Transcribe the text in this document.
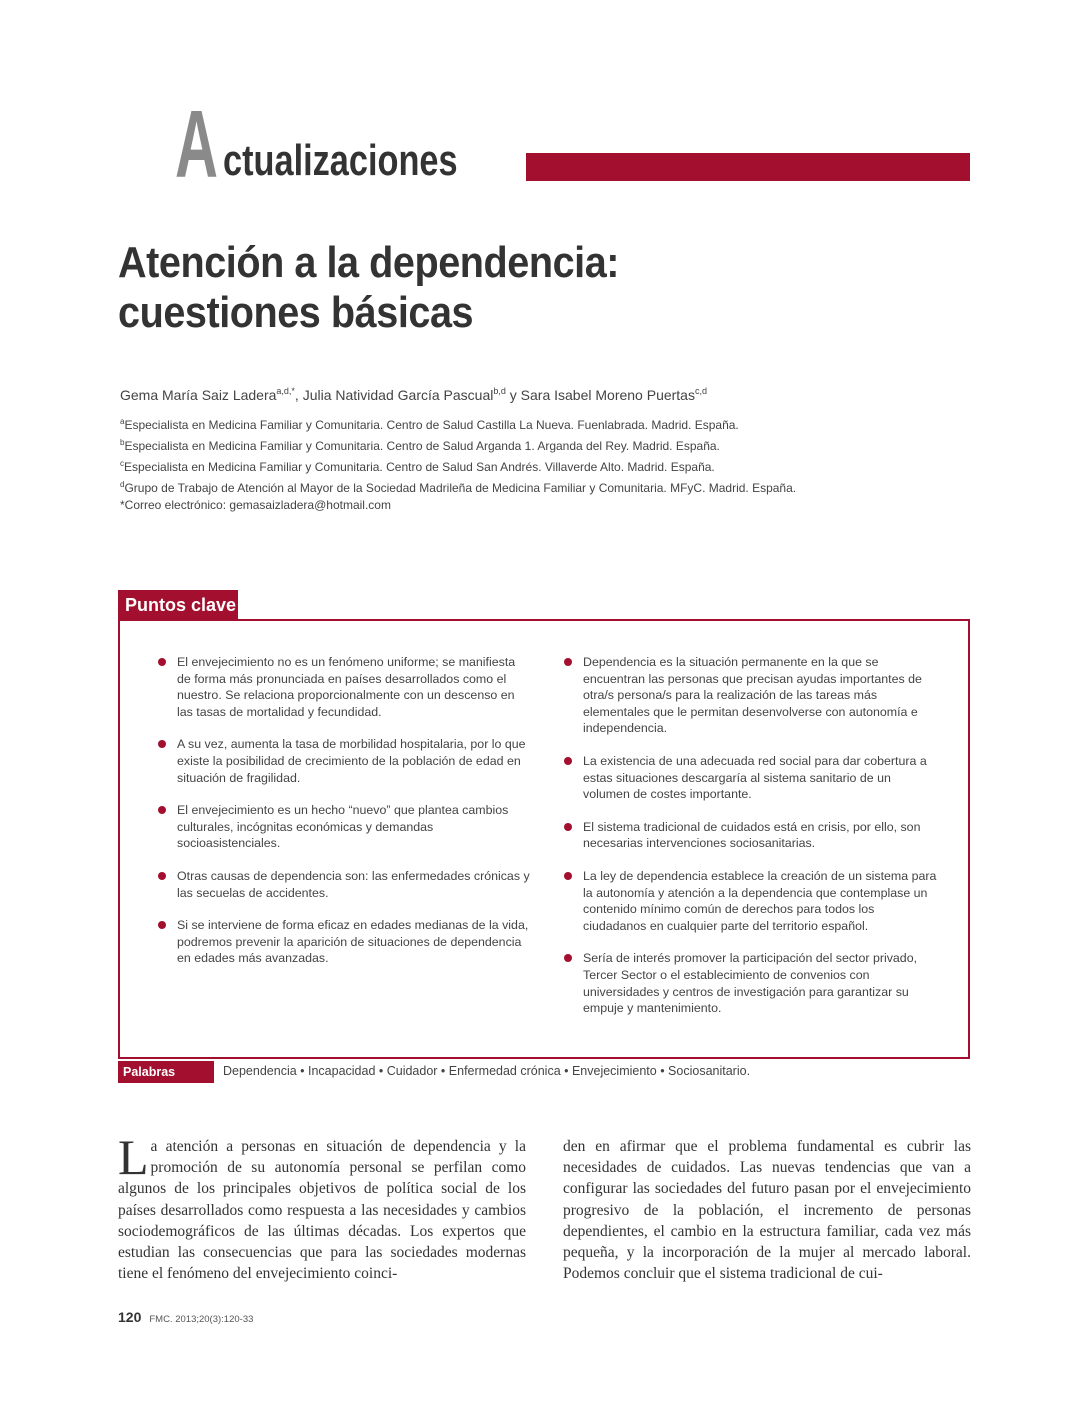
A ctualizaciones
Atención a la dependencia:
cuestiones básicas
Gema María Saiz Ladera$^{a,d,*}$, Julia Natividad García Pascual$^{b,d}$ y Sara Isabel Moreno Puertas$^{c,d}$
$^a$Especialista en Medicina Familiar y Comunitaria. Centro de Salud Castilla La Nueva. Fuenlabrada. Madrid. España.
$^b$Especialista en Medicina Familiar y Comunitaria. Centro de Salud Arganda 1. Arganda del Rey. Madrid. España.
$^c$Especialista en Medicina Familiar y Comunitaria. Centro de Salud San Andrés. Villaverde Alto. Madrid. España.
$^d$Grupo de Trabajo de Atención al Mayor de la Sociedad Madrileña de Medicina Familiar y Comunitaria. MFyC. Madrid. España.
*Correo electrónico: gemasaizladera@hotmail.com
Puntos clave
El envejecimiento no es un fenómeno uniforme; se manifiesta de forma más pronunciada en países desarrollados como el nuestro. Se relaciona proporcionalmente con un descenso en las tasas de mortalidad y fecundidad.
A su vez, aumenta la tasa de morbilidad hospitalaria, por lo que existe la posibilidad de crecimiento de la población de edad en situación de fragilidad.
El envejecimiento es un hecho “nuevo” que plantea cambios culturales, incógnitas económicas y demandas socioasistenciales.
Otras causas de dependencia son: las enfermedades crónicas y las secuelas de accidentes.
Si se interviene de forma eficaz en edades medianas de la vida, podremos prevenir la aparición de situaciones de dependencia en edades más avanzadas.
Dependencia es la situación permanente en la que se encuentran las personas que precisan ayudas importantes de otra/s persona/s para la realización de las tareas más elementales que le permitan desenvolverse con autonomía e independencia.
La existencia de una adecuada red social para dar cobertura a estas situaciones descargaría al sistema sanitario de un volumen de costes importante.
El sistema tradicional de cuidados está en crisis, por ello, son necesarias intervenciones sociosanitarias.
La ley de dependencia establece la creación de un sistema para la autonomía y atención a la dependencia que contemplase un contenido mínimo común de derechos para todos los ciudadanos en cualquier parte del territorio español.
Sería de interés promover la participación del sector privado, Tercer Sector o el establecimiento de convenios con universidades y centros de investigación para garantizar su empuje y mantenimiento.
Palabras clave:
Dependencia • Incapacidad • Cuidador • Enfermedad crónica • Envejecimiento • Sociosanitario.
La atención a personas en situación de dependencia y la promoción de su autonomía personal se perfilan como algunos de los principales objetivos de política social de los países desarrollados como respuesta a las necesidades y cambios sociodemográficos de las últimas décadas. Los expertos que estudian las consecuencias que para las sociedades modernas tiene el fenómeno del envejecimiento coinci-
den en afirmar que el problema fundamental es cubrir las necesidades de cuidados. Las nuevas tendencias que van a configurar las sociedades del futuro pasan por el envejecimiento progresivo de la población, el incremento de personas dependientes, el cambio en la estructura familiar, cada vez más pequeña, y la incorporación de la mujer al mercado laboral. Podemos concluir que el sistema tradicional de cui-
120 FMC. 2013;20(3):120-33
